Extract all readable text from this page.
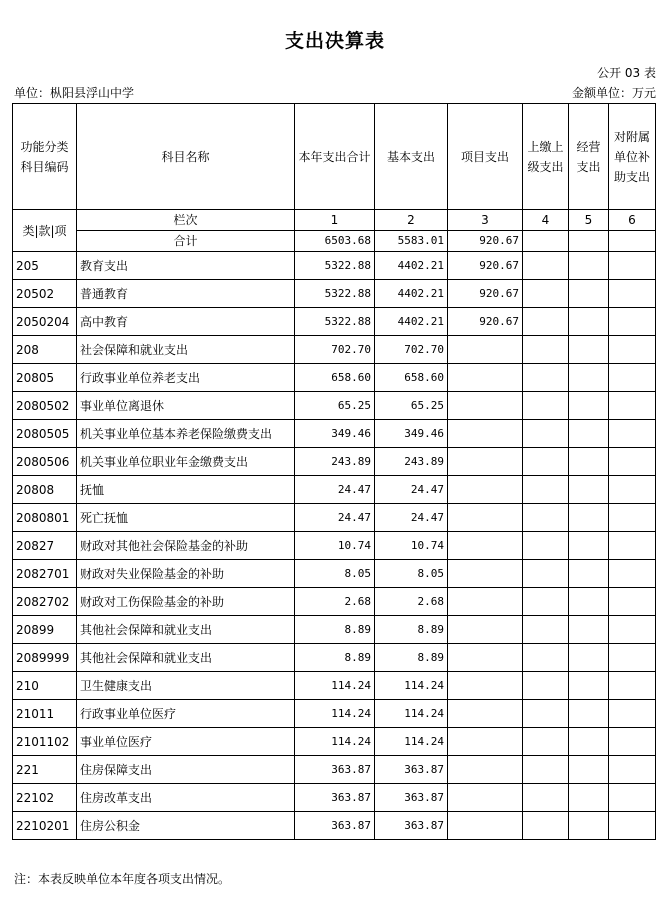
支出决算表
公开 03 表
单位：枞阳县浮山中学	金额单位：万元
功能分类科目编码	科目名称	本年支出合计	基本支出	项目支出	上缴上级支出	经营支出	对附属单位补助支出
类|款|项	栏次	1	2	3	4	5	6
	合计	6503.68	5583.01	920.67			
205	教育支出	5322.88	4402.21	920.67			
20502	普通教育	5322.88	4402.21	920.67			
2050204	高中教育	5322.88	4402.21	920.67			
208	社会保障和就业支出	702.70	702.70				
20805	行政事业单位养老支出	658.60	658.60				
2080502	事业单位离退休	65.25	65.25				
2080505	机关事业单位基本养老保险缴费支出	349.46	349.46				
2080506	机关事业单位职业年金缴费支出	243.89	243.89				
20808	抚恤	24.47	24.47				
2080801	死亡抚恤	24.47	24.47				
20827	财政对其他社会保险基金的补助	10.74	10.74				
2082701	财政对失业保险基金的补助	8.05	8.05				
2082702	财政对工伤保险基金的补助	2.68	2.68				
20899	其他社会保障和就业支出	8.89	8.89				
2089999	其他社会保障和就业支出	8.89	8.89				
210	卫生健康支出	114.24	114.24				
21011	行政事业单位医疗	114.24	114.24				
2101102	事业单位医疗	114.24	114.24				
221	住房保障支出	363.87	363.87				
22102	住房改革支出	363.87	363.87				
2210201	住房公积金	363.87	363.87				
注：本表反映单位本年度各项支出情况。
